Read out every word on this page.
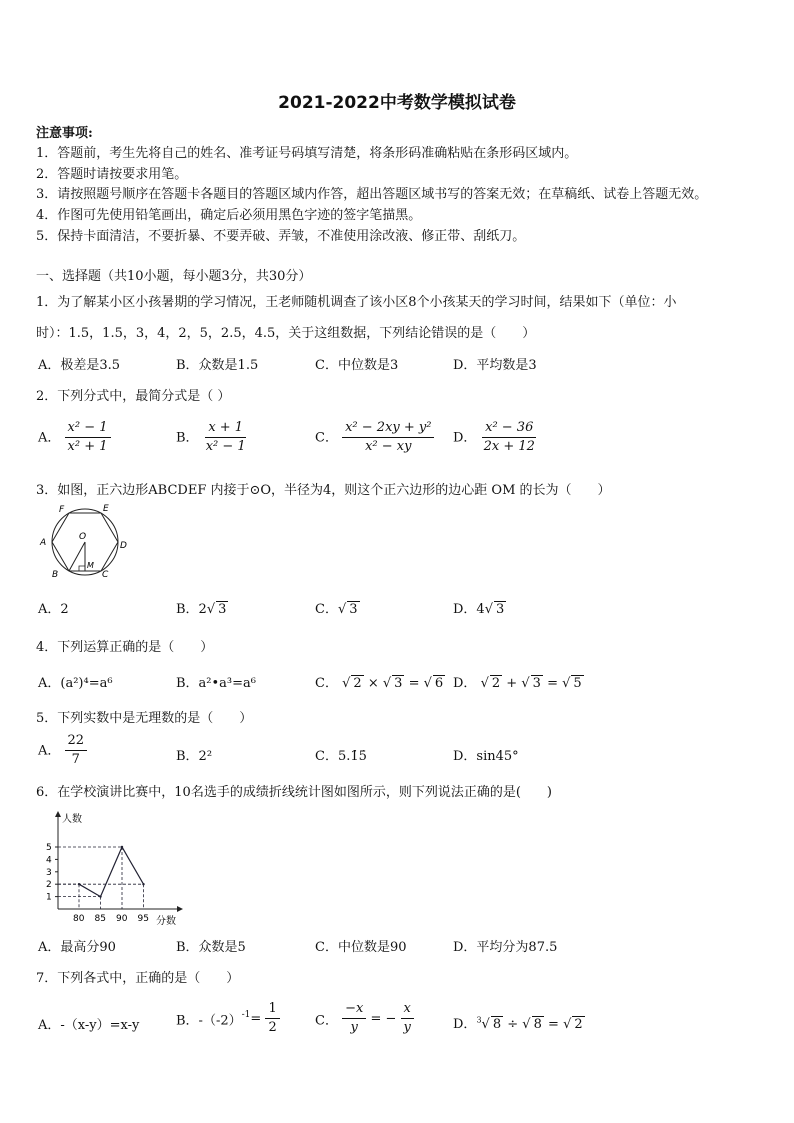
2021-2022中考数学模拟试卷
注意事项:
1．答题前，考生先将自己的姓名、准考证号码填写清楚，将条形码准确粘贴在条形码区域内。
2．答题时请按要求用笔。
3．请按照题号顺序在答题卡各题目的答题区域内作答，超出答题区域书写的答案无效；在草稿纸、试卷上答题无效。
4．作图可先使用铅笔画出，确定后必须用黑色字迹的签字笔描黑。
5．保持卡面清洁，不要折暴、不要弄破、弄皱，不准使用涂改液、修正带、刮纸刀。
一、选择题（共10小题，每小题3分，共30分）
1．为了解某小区小孩暑期的学习情况，王老师随机调查了该小区8个小孩某天的学习时间，结果如下（单位：小
时）：1.5，1.5，3，4，2，5，2.5，4.5，关于这组数据，下列结论错误的是（　　）
A．极差是3.5	B．众数是1.5	C．中位数是3	D．平均数是3
2．下列分式中，最简分式是（ ）
A． $\frac{\text{x² − 1}}{\text{x² + 1}}$	B． $\frac{x + 1}{\text{x² − 1}}$	C． $\frac{\text{x² − 2xy + y²}}{\text{x² − xy}}$ D． $\frac{\text{x² − 36}}{2x + 12}$
3．如图，正六边形ABCDEF 内接于⊙O，半径为4，则这个正六边形的边心距 OM 的长为（　　）
E
F
A	D
B	C
O
M
A．2	B．2√ 3	C．√ 3	D．4√ 3
4．下列运算正确的是（　　）
A．(a²)⁴=a⁶	B．a²•a³=a⁶	C． √ 2 × √ 3 = √ 6 D． √ 2 + √ 3 = √ 5
5．下列实数中是无理数的是（　　）
A． $\frac{22}{7}$	B．2²	C．5.1̇5̇	D．sin45°
6．在学校演讲比赛中，10名选手的成绩折线统计图如图所示，则下列说法正确的是(　　)
人数
分数
1
2
3
4
5
80 85 90 95
A．最高分90	B．众数是5	C．中位数是90	D．平均分为87.5
7．下列各式中，正确的是（　　）
A．-（x-y）=x-y	B．$-(-2)^{-1}= \frac{1}{2}$	C． $\frac{-x}{y}$ = − $\frac{x}{y}$	D．$^3$√ 8 ÷ √ 8 = √ 2
